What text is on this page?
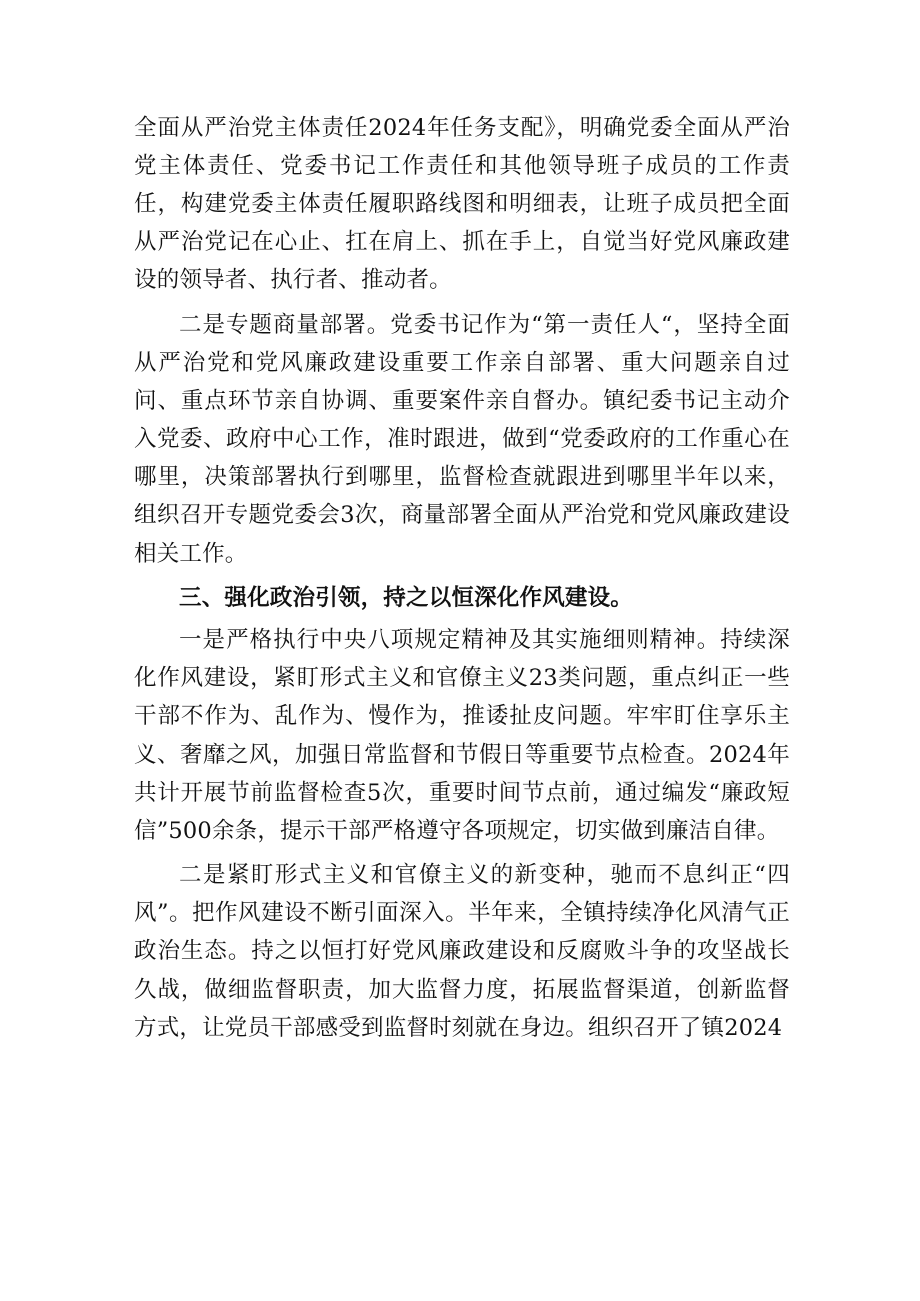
全面从严治党主体责任2024年任务支配》，明确党委全面从严治党主体责任、党委书记工作责任和其他领导班子成员的工作责任，构建党委主体责任履职路线图和明细表，让班子成员把全面从严治党记在心止、扛在肩上、抓在手上，自觉当好党风廉政建设的领导者、执行者、推动者。

二是专题商量部署。党委书记作为“第一责任人“，坚持全面从严治党和党风廉政建设重要工作亲自部署、重大问题亲自过问、重点环节亲自协调、重要案件亲自督办。镇纪委书记主动介入党委、政府中心工作，准时跟进，做到“党委政府的工作重心在哪里，决策部署执行到哪里，监督检查就跟进到哪里半年以来，组织召开专题党委会3次，商量部署全面从严治党和党风廉政建设相关工作。

三、强化政治引领，持之以恒深化作风建设。

一是严格执行中央八项规定精神及其实施细则精神。持续深化作风建设，紧盯形式主义和官僚主义23类问题，重点纠正一些干部不作为、乱作为、慢作为，推诿扯皮问题。牢牢盯住享乐主义、奢靡之风，加强日常监督和节假日等重要节点检查。2024年共计开展节前监督检查5次，重要时间节点前，通过编发“廉政短信”500余条，提示干部严格遵守各项规定，切实做到廉洁自律。

二是紧盯形式主义和官僚主义的新变种，驰而不息纠正“四风”。把作风建设不断引面深入。半年来，全镇持续净化风清气正政治生态。持之以恒打好党风廉政建设和反腐败斗争的攻坚战长久战，做细监督职责，加大监督力度，拓展监督渠道，创新监督方式，让党员干部感受到监督时刻就在身边。组织召开了镇2024
